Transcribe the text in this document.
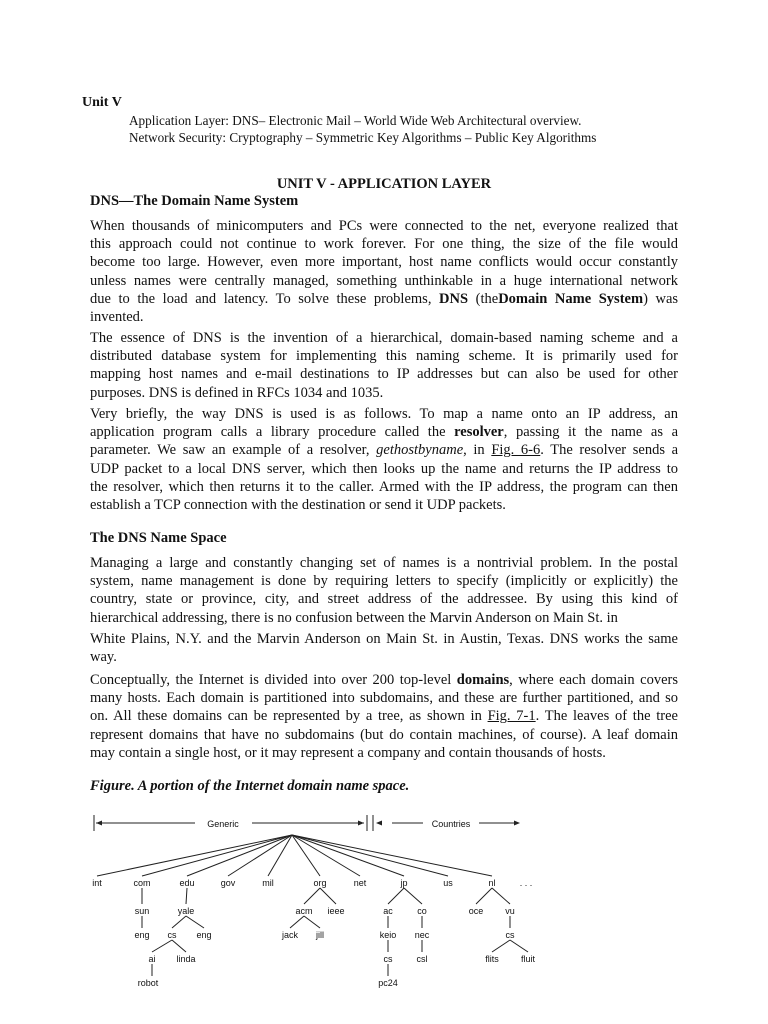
Unit V
Application Layer: DNS– Electronic Mail – World Wide Web Architectural overview.
Network Security: Cryptography – Symmetric Key Algorithms – Public Key Algorithms
UNIT V - APPLICATION LAYER
DNS—The Domain Name System
When thousands of minicomputers and PCs were connected to the net, everyone realized that
this approach could not continue to work forever. For one thing, the size of the file would
become too large. However, even more important, host name conflicts would occur constantly
unless names were centrally managed, something unthinkable in a huge international network
due to the load and latency. To solve these problems, DNS (theDomain Name System) was
invented.
The essence of DNS is the invention of a hierarchical, domain-based naming scheme and a
distributed database system for implementing this naming scheme. It is primarily used for
mapping host names and e-mail destinations to IP addresses but can also be used for other
purposes. DNS is defined in RFCs 1034 and 1035.
Very briefly, the way DNS is used is as follows. To map a name onto an IP address, an
application program calls a library procedure called the resolver, passing it the name as a
parameter. We saw an example of a resolver, gethostbyname, in Fig. 6-6. The resolver sends a
UDP packet to a local DNS server, which then looks up the name and returns the IP address to
the resolver, which then returns it to the caller. Armed with the IP address, the program can then
establish a TCP connection with the destination or send it UDP packets.
The DNS Name Space
Managing a large and constantly changing set of names is a nontrivial problem. In the postal
system, name management is done by requiring letters to specify (implicitly or explicitly) the
country, state or province, city, and street address of the addressee. By using this kind of
hierarchical addressing, there is no confusion between the Marvin Anderson on Main St. in
White Plains, N.Y. and the Marvin Anderson on Main St. in Austin, Texas. DNS works the same
way.
Conceptually, the Internet is divided into over 200 top-level domains, where each domain covers
many hosts. Each domain is partitioned into subdomains, and these are further partitioned, and so
on. All these domains can be represented by a tree, as shown in Fig. 7-1. The leaves of the tree
represent domains that have no subdomains (but do contain machines, of course). A leaf domain
may contain a single host, or it may represent a company and contain thousands of hosts.
Figure. A portion of the Internet domain name space.
Generic	Countries
. . .
int	com	edu	gov	mil	org	net	jp	us	nl
sun	yale	acm ieee	ac	co	oce vu
eng cs eng	jack jill	keio nec	cs
ai linda	cs	csl	flits fluit
robot	pc24
